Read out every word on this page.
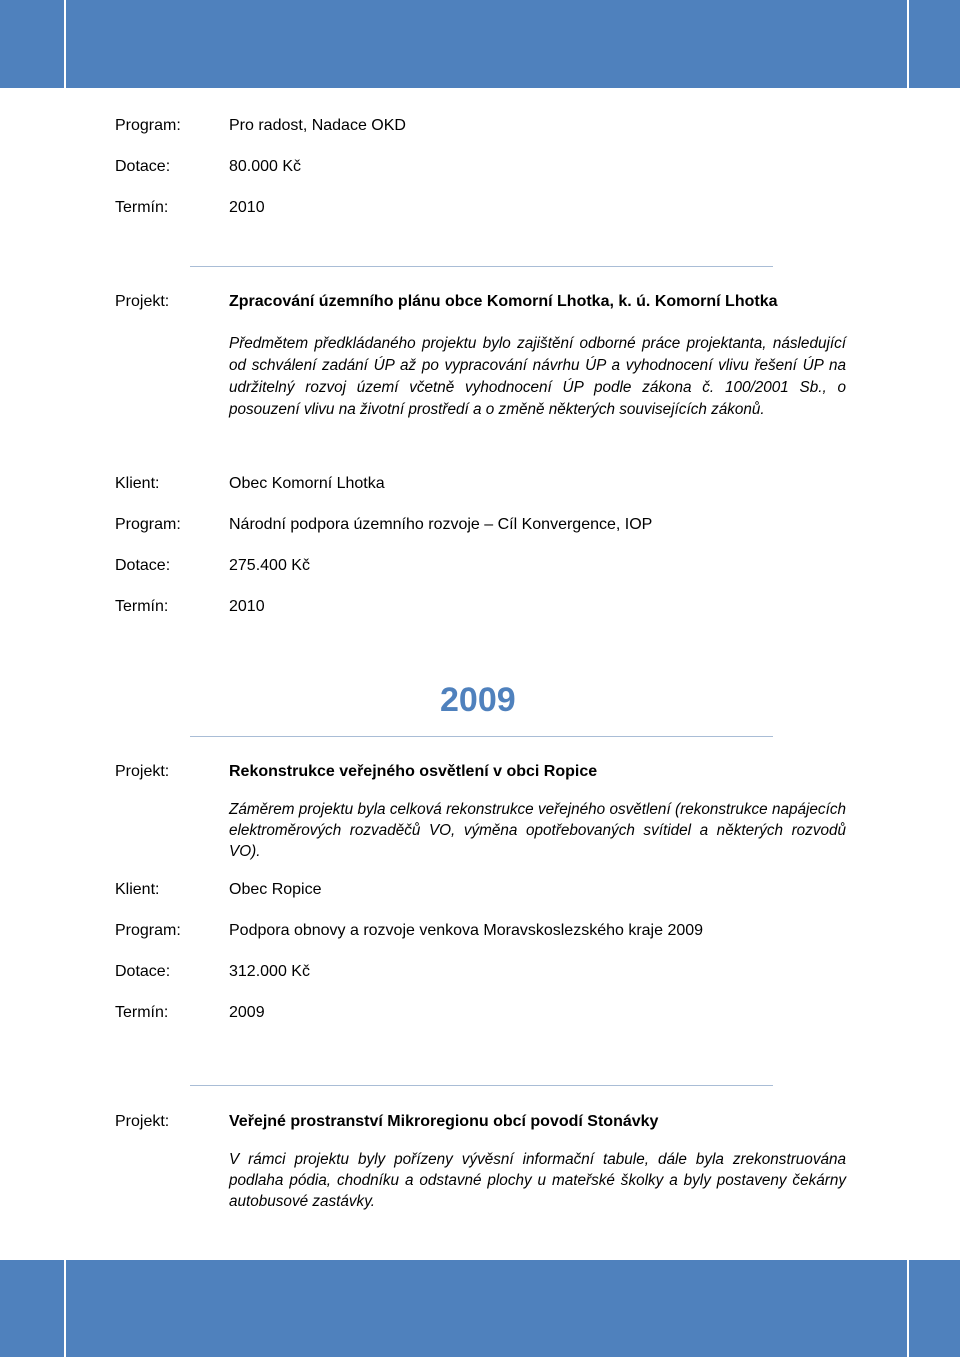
Program:	Pro radost, Nadace OKD
Dotace:	80.000 Kč
Termín:	2010
Projekt:	Zpracování územního plánu obce Komorní Lhotka, k. ú. Komorní Lhotka
Předmětem předkládaného projektu bylo zajištění odborné práce projektanta, následující od schválení zadání ÚP až po vypracování návrhu ÚP a vyhodnocení vlivu řešení ÚP na udržitelný rozvoj území včetně vyhodnocení ÚP podle zákona č. 100/2001 Sb., o posouzení vlivu na životní prostředí a o změně některých souvisejících zákonů.
Klient:	Obec Komorní Lhotka
Program:	Národní podpora územního rozvoje – Cíl Konvergence, IOP
Dotace:	275.400 Kč
Termín:	2010
2009
Projekt:	Rekonstrukce veřejného osvětlení v obci Ropice
Záměrem projektu byla celková rekonstrukce veřejného osvětlení (rekonstrukce napájecích elektroměrových rozvaděčů VO, výměna opotřebovaných svítidel a některých rozvodů VO).
Klient:	Obec Ropice
Program:	Podpora obnovy a rozvoje venkova Moravskoslezského kraje 2009
Dotace:	312.000 Kč
Termín:	2009
Projekt:	Veřejné prostranství Mikroregionu obcí povodí Stonávky
V rámci projektu byly pořízeny vývěsní informační tabule, dále byla zrekonstruována podlaha pódia, chodníku a odstavné plochy u mateřské školky a byly postaveny čekárny autobusové zastávky.
